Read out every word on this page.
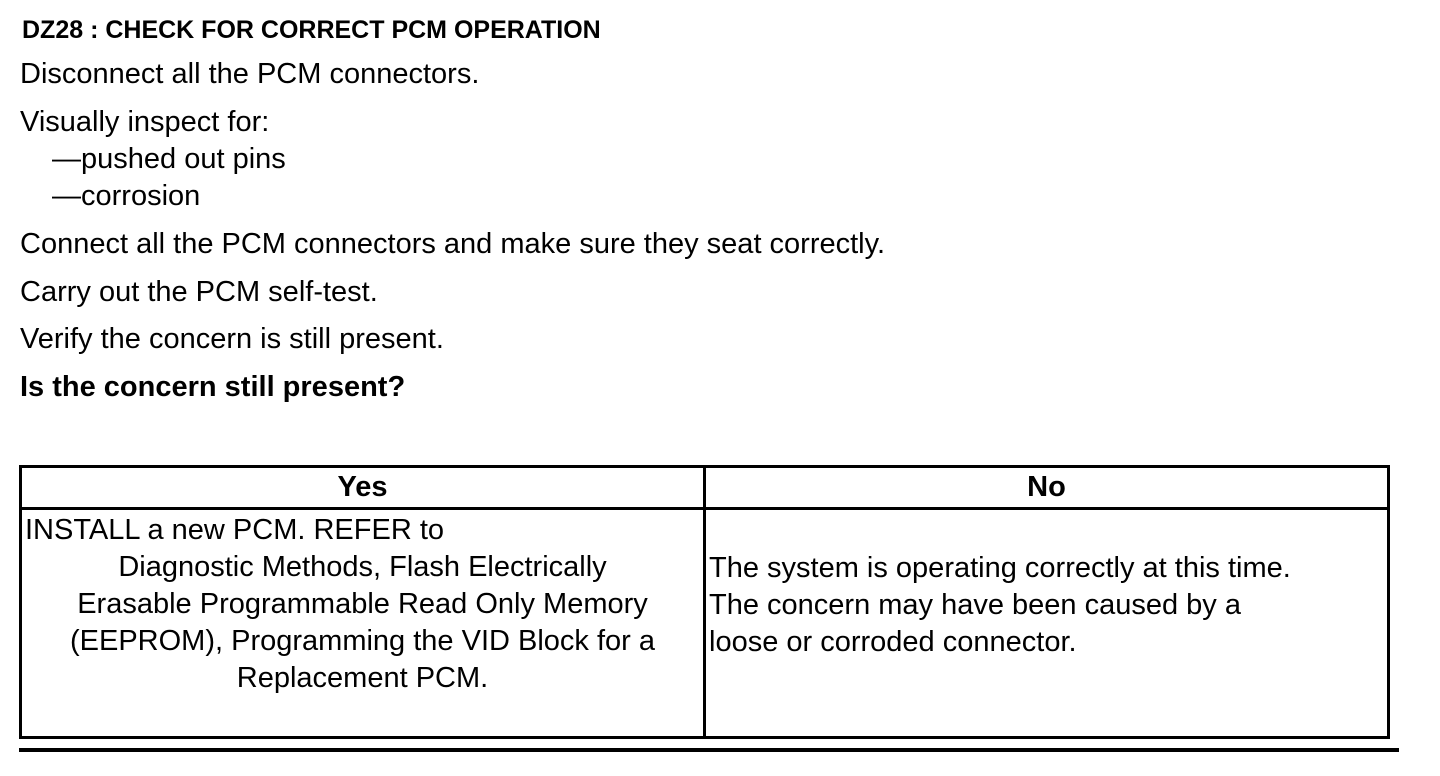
DZ28 : CHECK FOR CORRECT PCM OPERATION
Disconnect all the PCM connectors.
Visually inspect for:
—pushed out pins
—corrosion
Connect all the PCM connectors and make sure they seat correctly.
Carry out the PCM self-test.
Verify the concern is still present.
Is the concern still present?
Yes	No

INSTALL a new PCM. REFER to
Diagnostic Methods, Flash Electrically
Erasable Programmable Read Only Memory
(EEPROM), Programming the VID Block for a
Replacement PCM.	The system is operating correctly at this time.
The concern may have been caused by a
loose or corroded connector.
